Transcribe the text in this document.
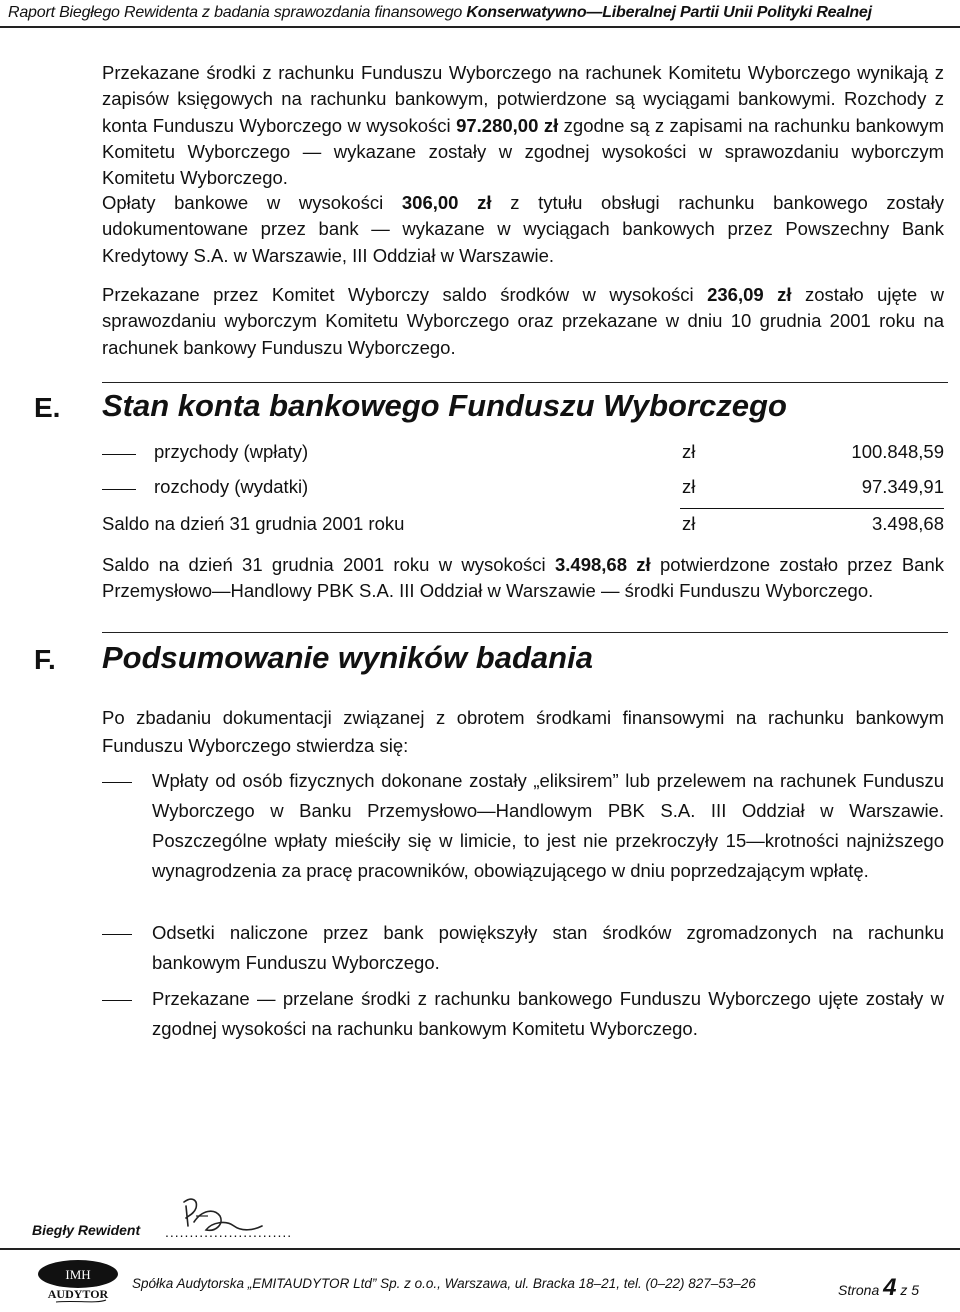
Raport Biegłego Rewidenta z badania sprawozdania finansowego Konserwatywno—Liberalnej Partii Unii Polityki Realnej
Przekazane środki z rachunku Funduszu Wyborczego na rachunek Komitetu Wyborczego wynikają z zapisów księgowych na rachunku bankowym, potwierdzone są wyciągami bankowymi. Rozchody z konta Funduszu Wyborczego w wysokości 97.280,00 zł zgodne są z zapisami na rachunku bankowym Komitetu Wyborczego — wykazane zostały w zgodnej wysokości w sprawozdaniu wyborczym Komitetu Wyborczego.
Opłaty bankowe w wysokości 306,00 zł z tytułu obsługi rachunku bankowego zostały udokumentowane przez bank — wykazane w wyciągach bankowych przez Powszechny Bank Kredytowy S.A. w Warszawie, III Oddział w Warszawie.
Przekazane przez Komitet Wyborczy saldo środków w wysokości 236,09 zł zostało ujęte w sprawozdaniu wyborczym Komitetu Wyborczego oraz przekazane w dniu 10 grudnia 2001 roku na rachunek bankowy Funduszu Wyborczego.
E. Stan konta bankowego Funduszu Wyborczego
przychody (wpłaty)	zł	100.848,59
rozchody (wydatki)	zł	97.349,91
Saldo na dzień 31 grudnia 2001 roku	zł	3.498,68
Saldo na dzień 31 grudnia 2001 roku w wysokości 3.498,68 zł potwierdzone zostało przez Bank Przemysłowo—Handlowy PBK S.A. III Oddział w Warszawie — środki Funduszu Wyborczego.
F. Podsumowanie wyników badania
Po zbadaniu dokumentacji związanej z obrotem środkami finansowymi na rachunku bankowym Funduszu Wyborczego stwierdza się:
Wpłaty od osób fizycznych dokonane zostały „eliksirem” lub przelewem na rachunek Funduszu Wyborczego w Banku Przemysłowo—Handlowym PBK S.A. III Oddział w Warszawie. Poszczególne wpłaty mieściły się w limicie, to jest nie przekroczyły 15—krotności najniższego wynagrodzenia za pracę pracowników, obowiązującego w dniu poprzedzającym wpłatę.
Odsetki naliczone przez bank powiększyły stan środków zgromadzonych na rachunku bankowym Funduszu Wyborczego.
Przekazane — przelane środki z rachunku bankowego Funduszu Wyborczego ujęte zostały w zgodnej wysokości na rachunku bankowym Komitetu Wyborczego.
Biegły Rewident ..........................
IMH
AUDYTOR
Spółka Audytorska „EMITAUDYTOR Ltd” Sp. z o.o., Warszawa, ul. Bracka 18–21, tel. (0–22) 827–53–26	Strona 4 z 5
